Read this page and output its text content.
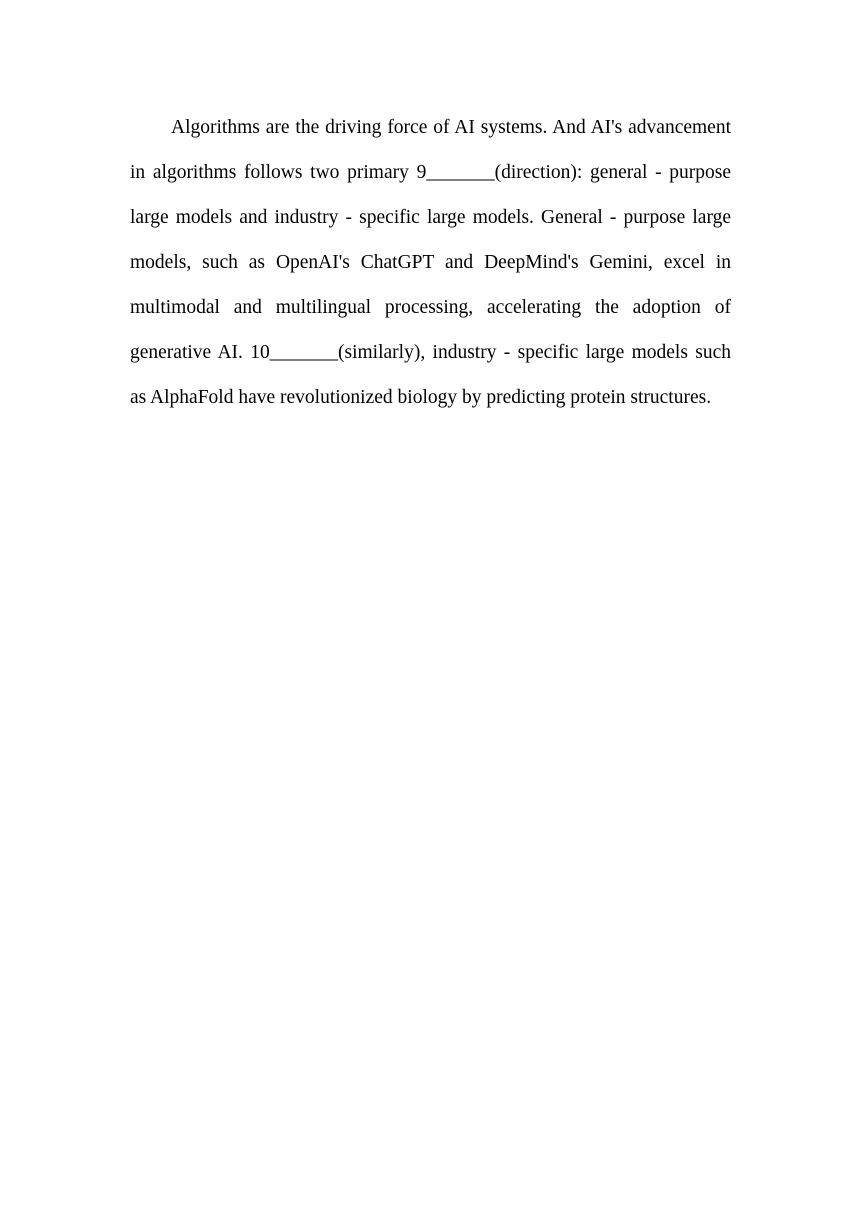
Algorithms are the driving force of AI systems. And AI's advancement in algorithms follows two primary 9_______(direction): general - purpose large models and industry - specific large models. General - purpose large models, such as OpenAI's ChatGPT and DeepMind's Gemini, excel in multimodal and multilingual processing, accelerating the adoption of generative AI. 10_______(similarly), industry - specific large models such as AlphaFold have revolutionized biology by predicting protein structures.
